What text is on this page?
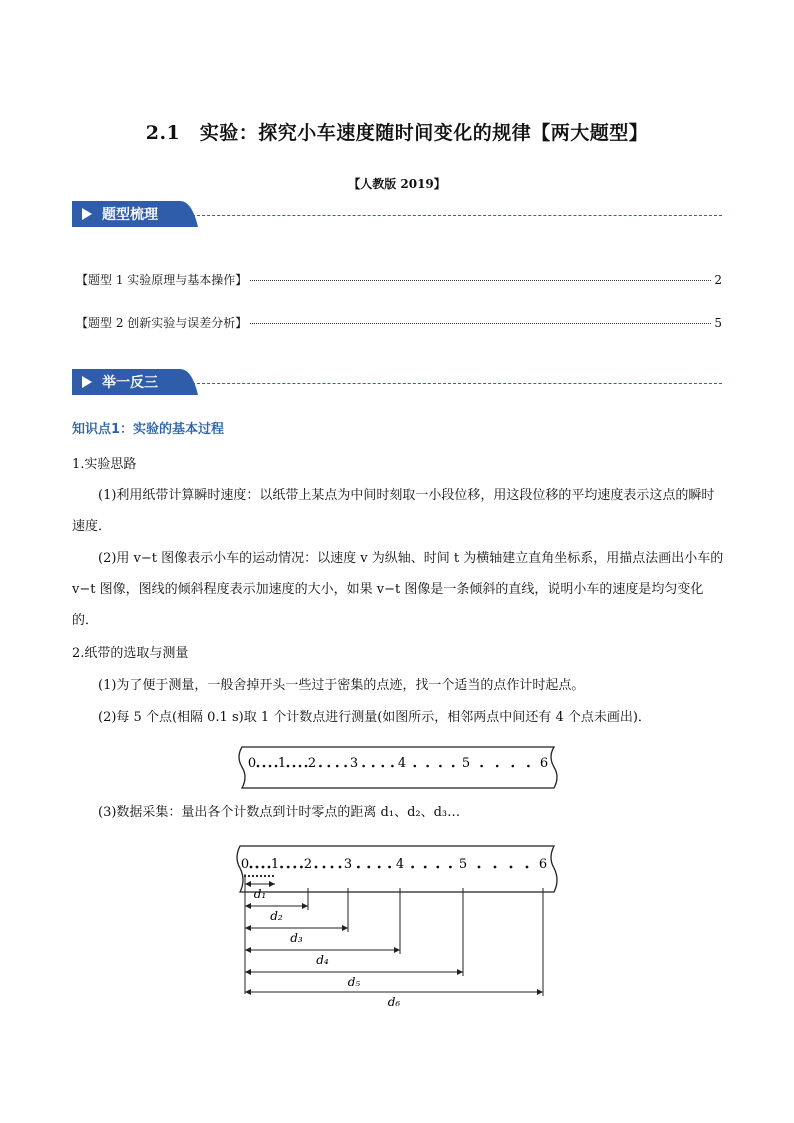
2.1　实验：探究小车速度随时间变化的规律【两大题型】
【人教版 2019】
题型梳理
【题型 1 实验原理与基本操作】	2
【题型 2 创新实验与误差分析】	5
举一反三
知识点1：实验的基本过程
1.实验思路
(1)利用纸带计算瞬时速度：以纸带上某点为中间时刻取一小段位移，用这段位移的平均速度表示这点的瞬时速度．
(2)用 v−t 图像表示小车的运动情况：以速度 v 为纵轴、时间 t 为横轴建立直角坐标系，用描点法画出小车的 v−t 图像，图线的倾斜程度表示加速度的大小，如果 v−t 图像是一条倾斜的直线，说明小车的速度是均匀变化的．
2.纸带的选取与测量
(1)为了便于测量，一般舍掉开头一些过于密集的点迹，找一个适当的点作计时起点。
(2)每 5 个点(相隔 0.1 s)取 1 个计数点进行测量(如图所示，相邻两点中间还有 4 个点未画出)．
0 1 2	3	4	5	6
(3)数据采集：量出各个计数点到计时零点的距离 d₁、d₂、d₃…
0 1 2 3	4	5	6
d₁
d₂
d₃
d₄
d₅
d₆
